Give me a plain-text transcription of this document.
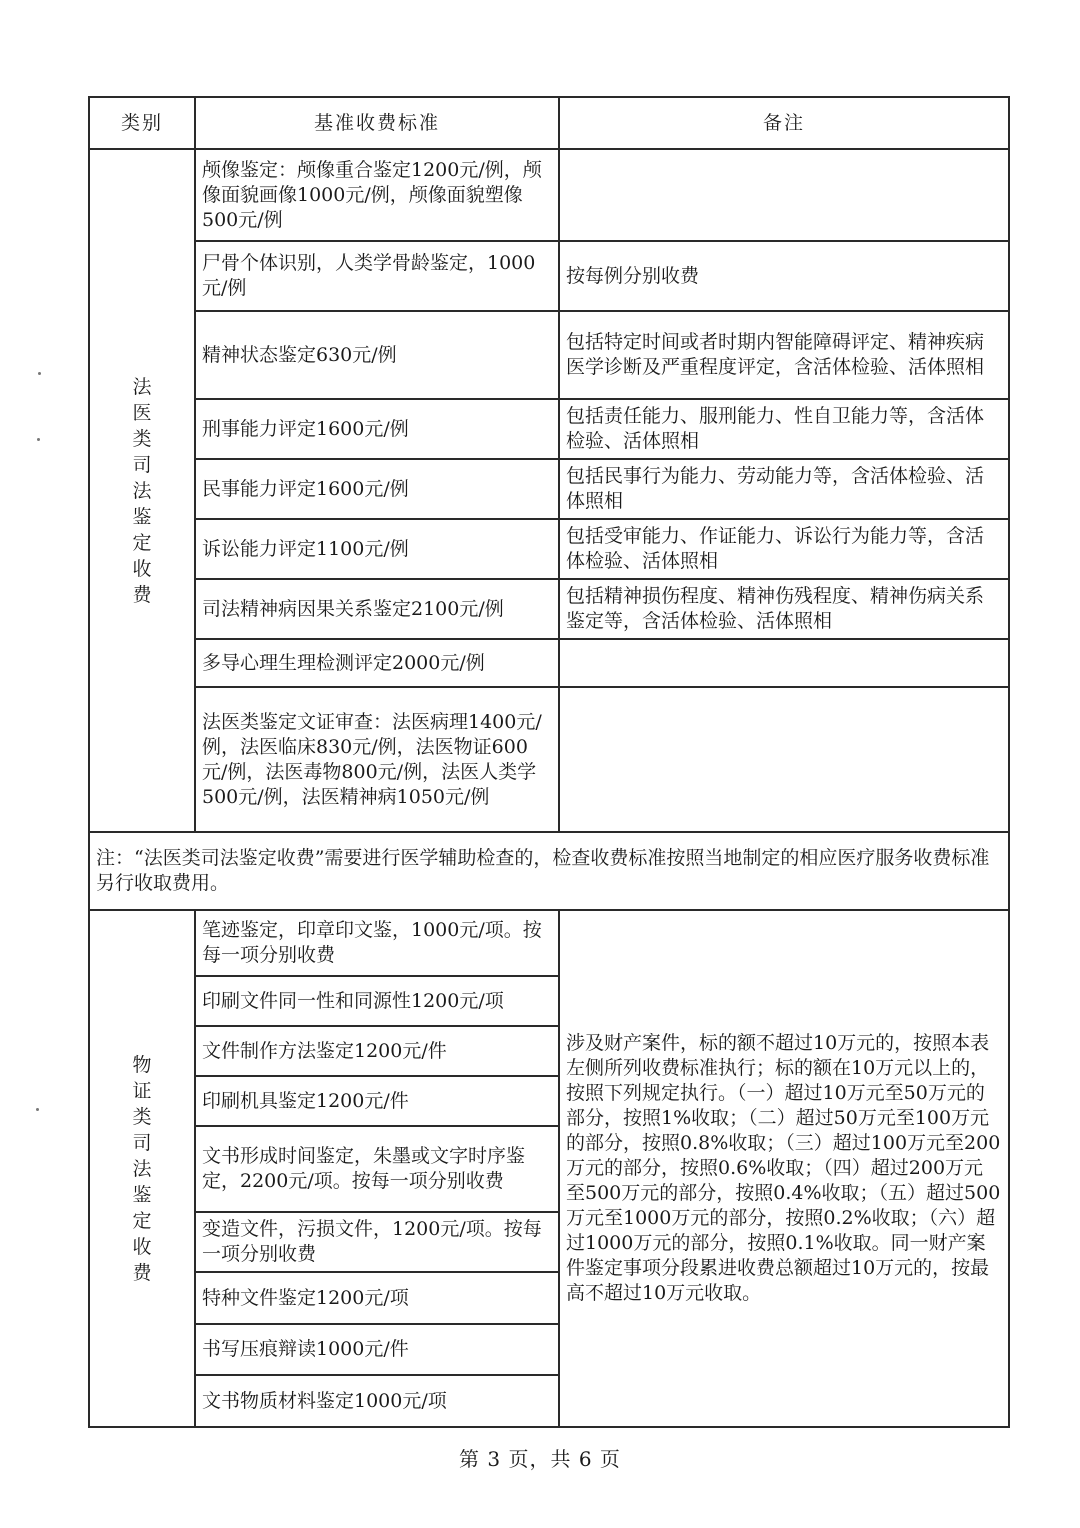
类别	基准收费标准	备注
法医类司法鉴定收费	颅像鉴定：颅像重合鉴定1200元/例，颅像面貌画像1000元/例，颅像面貌塑像500元/例	
	尸骨个体识别，人类学骨龄鉴定，1000元/例	按每例分别收费
	精神状态鉴定630元/例	包括特定时间或者时期内智能障碍评定、精神疾病医学诊断及严重程度评定，含活体检验、活体照相
	刑事能力评定1600元/例	包括责任能力、服刑能力、性自卫能力等，含活体检验、活体照相
	民事能力评定1600元/例	包括民事行为能力、劳动能力等，含活体检验、活体照相
	诉讼能力评定1100元/例	包括受审能力、作证能力、诉讼行为能力等，含活体检验、活体照相
	司法精神病因果关系鉴定2100元/例	包括精神损伤程度、精神伤残程度、精神伤病关系鉴定等，含活体检验、活体照相
	多导心理生理检测评定2000元/例	
	法医类鉴定文证审查：法医病理1400元/例，法医临床830元/例，法医物证600元/例，法医毒物800元/例，法医人类学500元/例，法医精神病1050元/例	
注：“法医类司法鉴定收费”需要进行医学辅助检查的，检查收费标准按照当地制定的相应医疗服务收费标准另行收取费用。		
物证类司法鉴定收费	笔迹鉴定，印章印文鉴，1000元/项。按每一项分别收费	涉及财产案件，标的额不超过10万元的，按照本表左侧所列收费标准执行；标的额在10万元以上的，按照下列规定执行。（一）超过10万元至50万元的部分，按照1%收取；（二）超过50万元至100万元的部分，按照0.8%收取；（三）超过100万元至200万元的部分，按照0.6%收取；（四）超过200万元至500万元的部分，按照0.4%收取；（五）超过500万元至1000万元的部分，按照0.2%收取；（六）超过1000万元的部分，按照0.1%收取。同一财产案件鉴定事项分段累进收费总额超过10万元的，按最高不超过10万元收取。
	印刷文件同一性和同源性1200元/项	
	文件制作方法鉴定1200元/件	
	印刷机具鉴定1200元/件	
	文书形成时间鉴定，朱墨或文字时序鉴定，2200元/项。按每一项分别收费	
	变造文件，污损文件，1200元/项。按每一项分别收费	
	特种文件鉴定1200元/项	
	书写压痕辩读1000元/件	
	文书物质材料鉴定1000元/项	
第 3 页，共 6 页
